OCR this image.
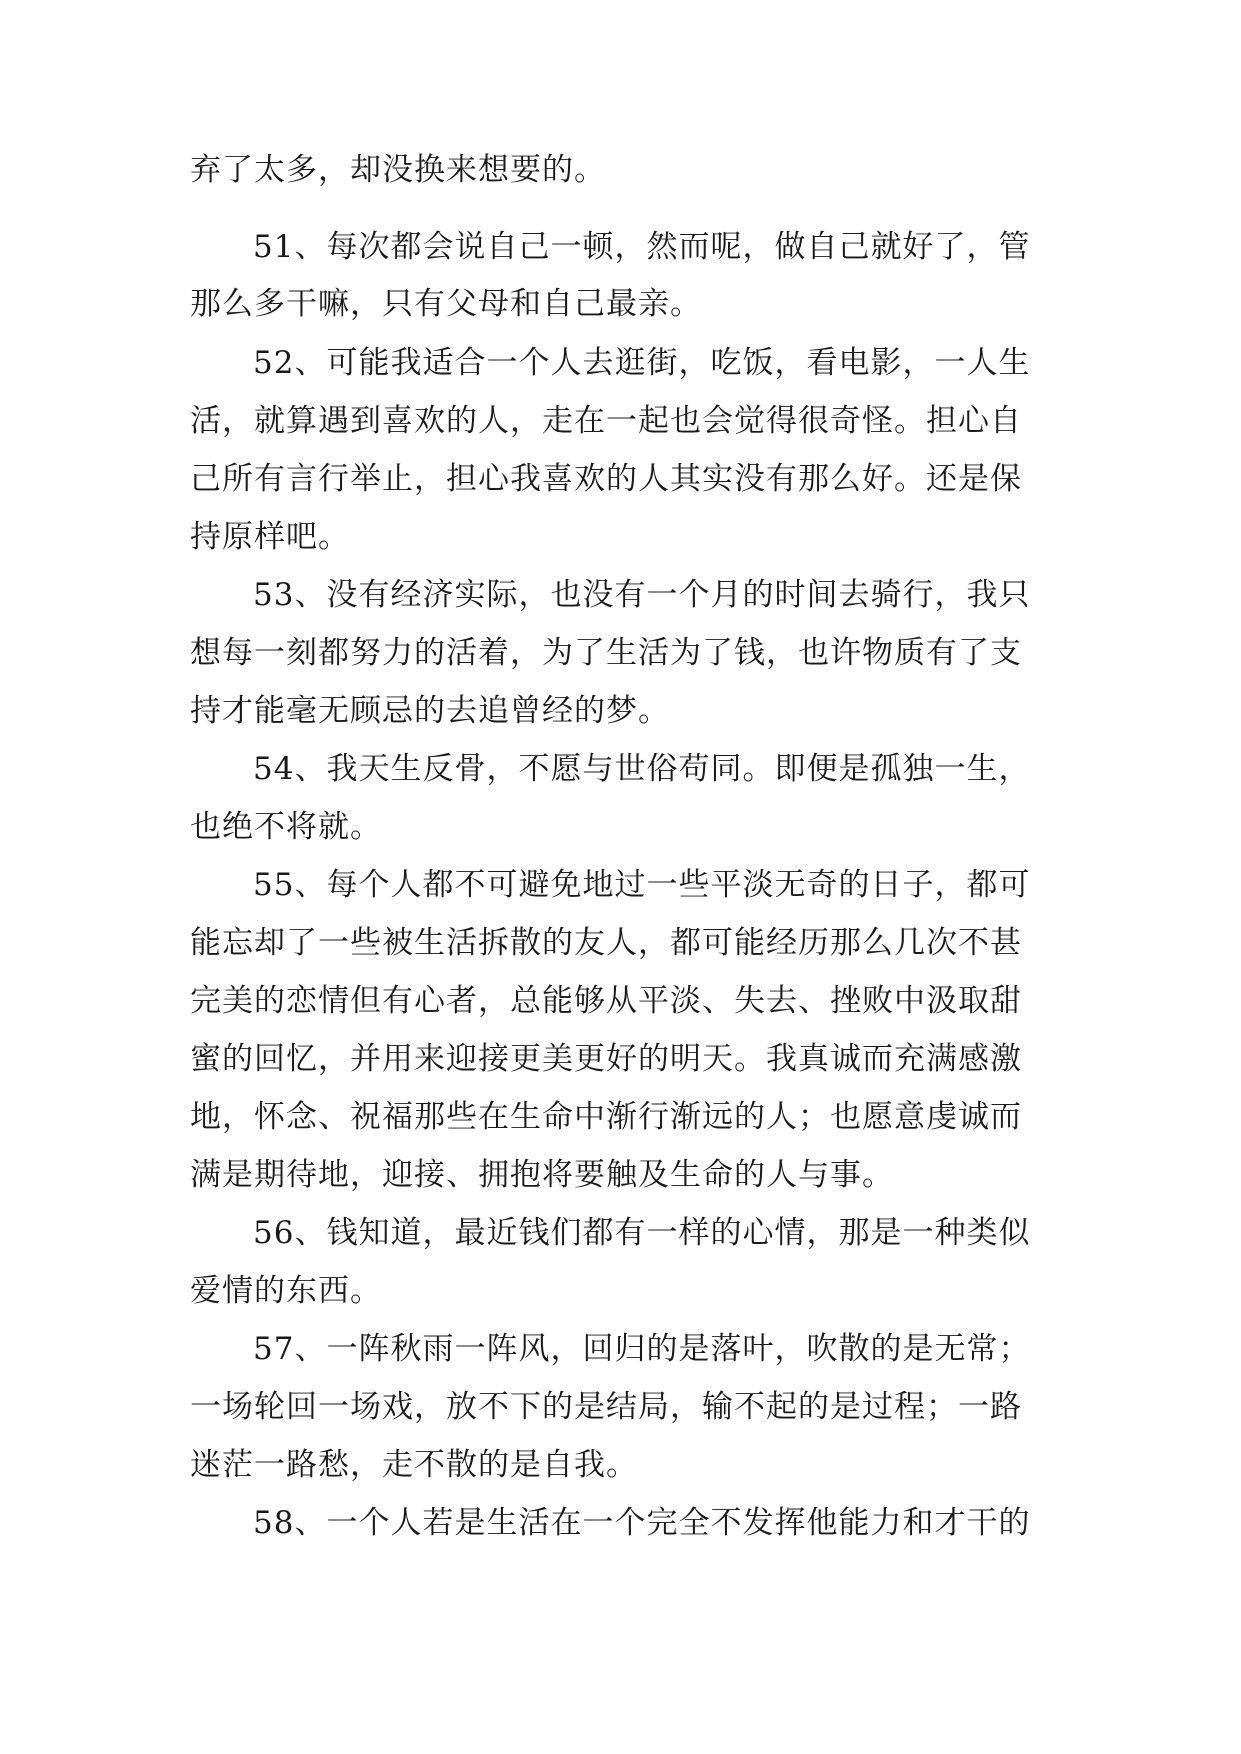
弃了太多，却没换来想要的。
51、每次都会说自己一顿，然而呢，做自己就好了，管
那么多干嘛，只有父母和自己最亲。
52、可能我适合一个人去逛街，吃饭，看电影，一人生
活，就算遇到喜欢的人，走在一起也会觉得很奇怪。担心自
己所有言行举止，担心我喜欢的人其实没有那么好。还是保
持原样吧。
53、没有经济实际，也没有一个月的时间去骑行，我只
想每一刻都努力的活着，为了生活为了钱，也许物质有了支
持才能毫无顾忌的去追曾经的梦。
54、我天生反骨，不愿与世俗苟同。即便是孤独一生，
也绝不将就。
55、每个人都不可避免地过一些平淡无奇的日子，都可
能忘却了一些被生活拆散的友人，都可能经历那么几次不甚
完美的恋情但有心者，总能够从平淡、失去、挫败中汲取甜
蜜的回忆，并用来迎接更美更好的明天。我真诚而充满感激
地，怀念、祝福那些在生命中渐行渐远的人；也愿意虔诚而
满是期待地，迎接、拥抱将要触及生命的人与事。
56、钱知道，最近钱们都有一样的心情，那是一种类似
爱情的东西。
57、一阵秋雨一阵风，回归的是落叶，吹散的是无常；
一场轮回一场戏，放不下的是结局，输不起的是过程；一路
迷茫一路愁，走不散的是自我。
58、一个人若是生活在一个完全不发挥他能力和才干的
